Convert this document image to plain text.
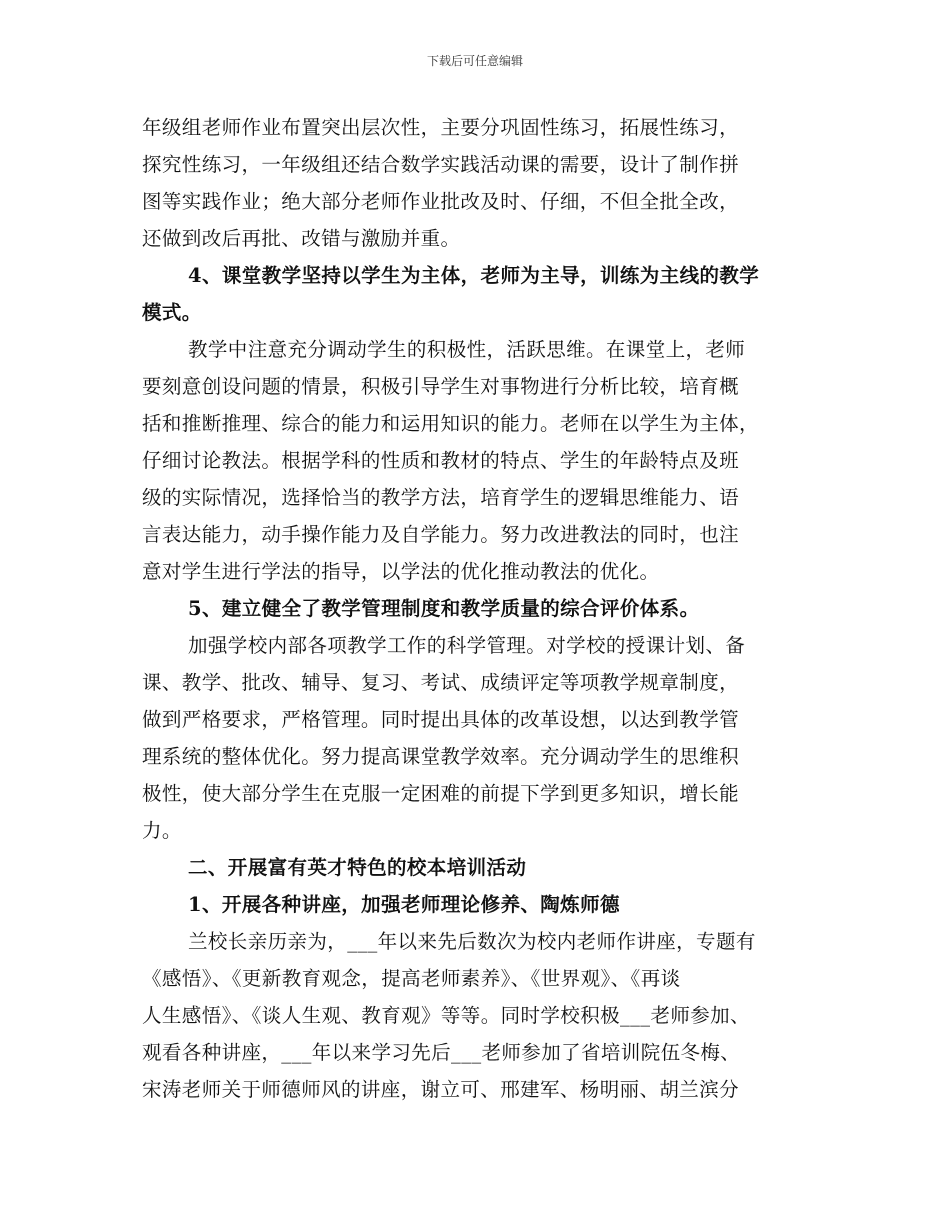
下载后可任意编辑
年级组老师作业布置突出层次性，主要分巩固性练习，拓展性练习，
探究性练习，一年级组还结合数学实践活动课的需要，设计了制作拼
图等实践作业；绝大部分老师作业批改及时、仔细，不但全批全改，
还做到改后再批、改错与激励并重。
4、课堂教学坚持以学生为主体，老师为主导，训练为主线的教学
模式。
教学中注意充分调动学生的积极性，活跃思维。在课堂上，老师
要刻意创设问题的情景，积极引导学生对事物进行分析比较，培育概
括和推断推理、综合的能力和运用知识的能力。老师在以学生为主体，
仔细讨论教法。根据学科的性质和教材的特点、学生的年龄特点及班
级的实际情况，选择恰当的教学方法，培育学生的逻辑思维能力、语
言表达能力，动手操作能力及自学能力。努力改进教法的同时，也注
意对学生进行学法的指导，以学法的优化推动教法的优化。
5、建立健全了教学管理制度和教学质量的综合评价体系。
加强学校内部各项教学工作的科学管理。对学校的授课计划、备
课、教学、批改、辅导、复习、考试、成绩评定等项教学规章制度，
做到严格要求，严格管理。同时提出具体的改革设想，以达到教学管
理系统的整体优化。努力提高课堂教学效率。充分调动学生的思维积
极性，使大部分学生在克服一定困难的前提下学到更多知识，增长能
力。
二、开展富有英才特色的校本培训活动
1、开展各种讲座，加强老师理论修养、陶炼师德
兰校长亲历亲为，___年以来先后数次为校内老师作讲座，专题有
《感悟》、《更新教育观念，提高老师素养》、《世界观》、《再谈
人生感悟》、《谈人生观、教育观》等等。同时学校积极___老师参加、
观看各种讲座，___年以来学习先后___老师参加了省培训院伍冬梅、
宋涛老师关于师德师风的讲座，谢立可、邢建军、杨明丽、胡兰滨分
